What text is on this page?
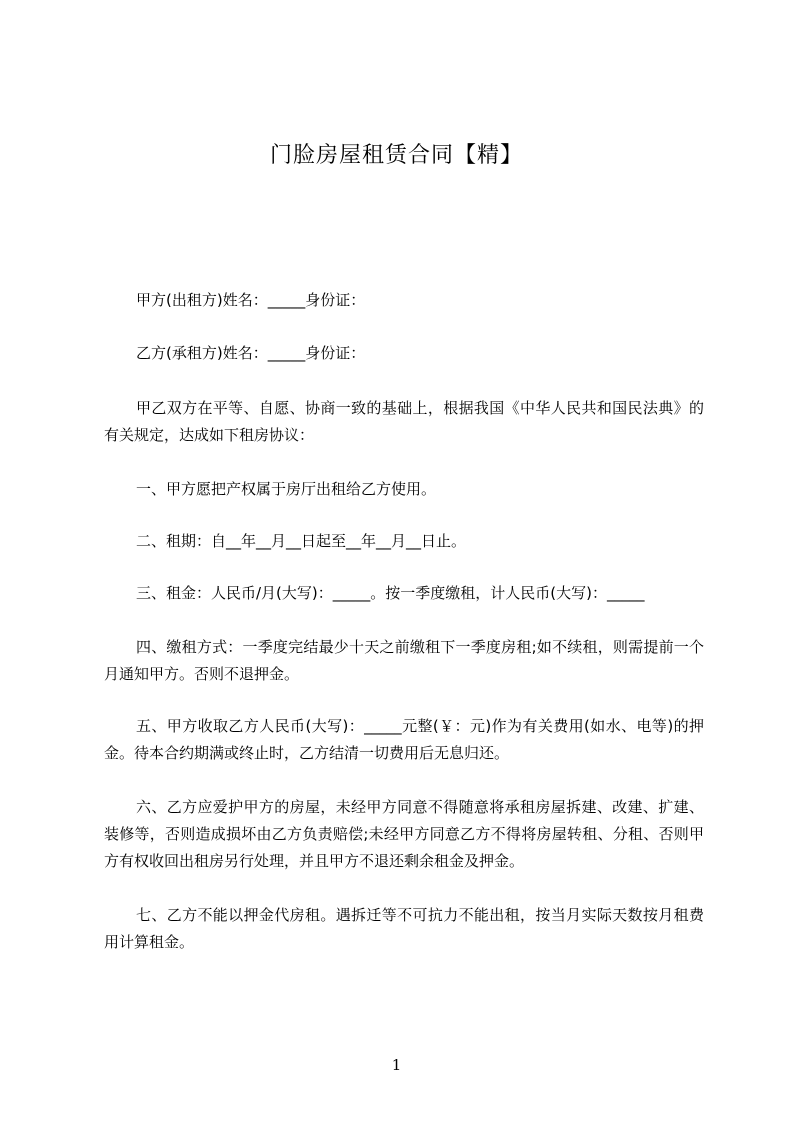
门脸房屋租赁合同【精】
甲方(出租方)姓名：_____身份证：
乙方(承租方)姓名：_____身份证：
甲乙双方在平等、自愿、协商一致的基础上，根据我国《中华人民共和国民法典》的有关规定，达成如下租房协议：
一、甲方愿把产权属于房厅出租给乙方使用。
二、租期：自__年__月__日起至__年__月__日止。
三、租金：人民币/月(大写)：_____。按一季度缴租，计人民币(大写)：_____
四、缴租方式：一季度完结最少十天之前缴租下一季度房租;如不续租，则需提前一个月通知甲方。否则不退押金。
五、甲方收取乙方人民币(大写)：_____元整(￥：元)作为有关费用(如水、电等)的押金。待本合约期满或终止时，乙方结清一切费用后无息归还。
六、乙方应爱护甲方的房屋，未经甲方同意不得随意将承租房屋拆建、改建、扩建、装修等，否则造成损坏由乙方负责赔偿;未经甲方同意乙方不得将房屋转租、分租、否则甲方有权收回出租房另行处理，并且甲方不退还剩余租金及押金。
七、乙方不能以押金代房租。遇拆迁等不可抗力不能出租，按当月实际天数按月租费用计算租金。
1
